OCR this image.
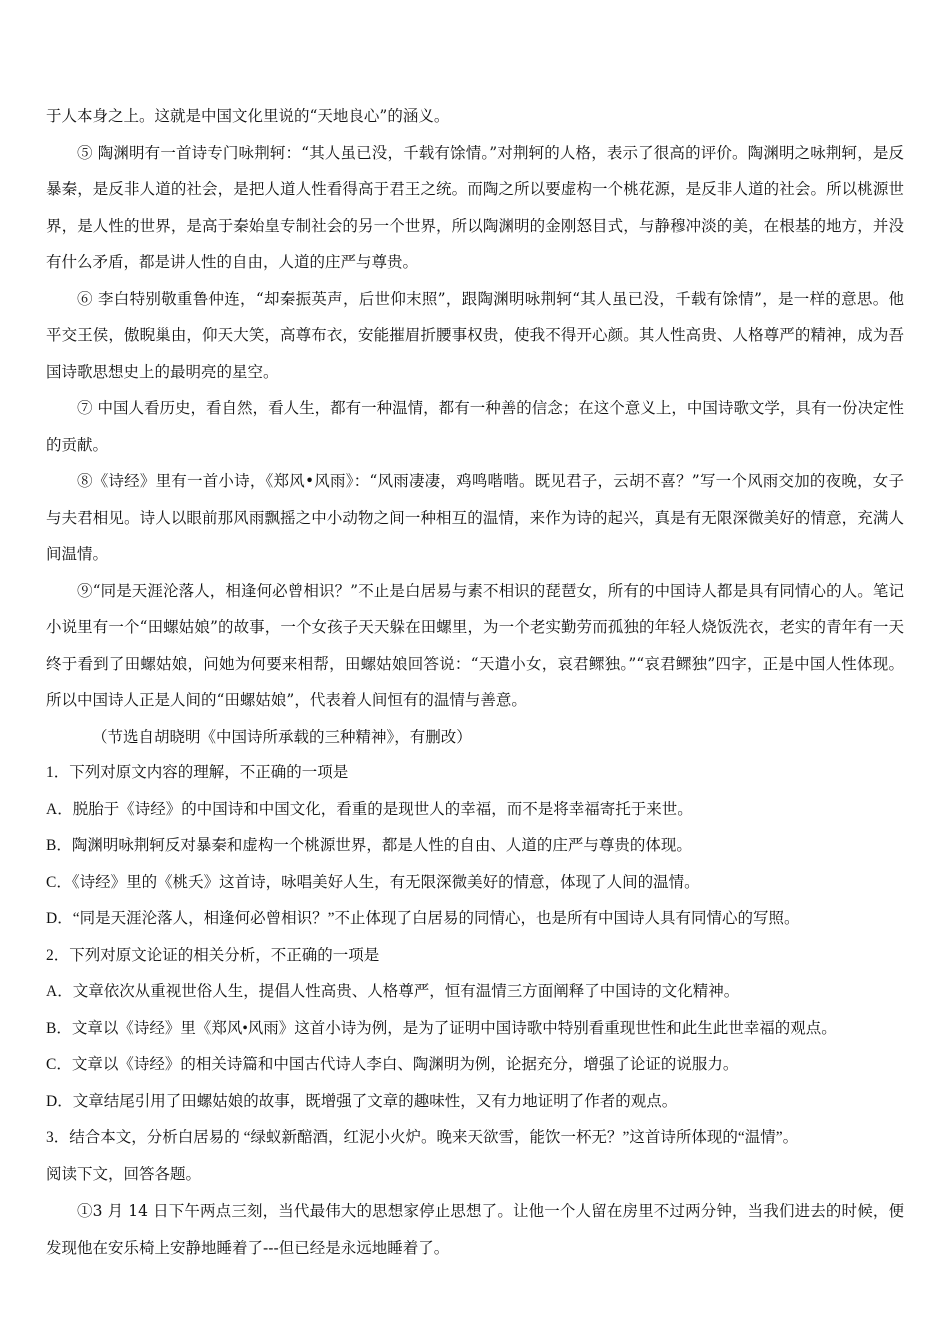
于人本身之上。这就是中国文化里说的“天地良心”的涵义。

⑤ 陶渊明有一首诗专门咏荆轲：“其人虽已没，千载有馀情。”对荆轲的人格，表示了很高的评价。陶渊明之咏荆轲，是反暴秦，是反非人道的社会，是把人道人性看得高于君王之统。而陶之所以要虚构一个桃花源，是反非人道的社会。所以桃源世界，是人性的世界，是高于秦始皇专制社会的另一个世界，所以陶渊明的金刚怒目式，与静穆冲淡的美，在根基的地方，并没有什么矛盾，都是讲人性的自由，人道的庄严与尊贵。

⑥ 李白特别敬重鲁仲连，“却秦振英声，后世仰末照”，跟陶渊明咏荆轲“其人虽已没，千载有馀情”，是一样的意思。他平交王侯，傲睨巢由，仰天大笑，高尊布衣，安能摧眉折腰事权贵，使我不得开心颜。其人性高贵、人格尊严的精神，成为吾国诗歌思想史上的最明亮的星空。

⑦ 中国人看历史，看自然，看人生，都有一种温情，都有一种善的信念；在这个意义上，中国诗歌文学，具有一份决定性的贡献。

⑧《诗经》里有一首小诗，《郑风•风雨》：“风雨凄凄，鸡鸣喈喈。既见君子，云胡不喜？”写一个风雨交加的夜晚，女子与夫君相见。诗人以眼前那风雨飘摇之中小动物之间一种相互的温情，来作为诗的起兴，真是有无限深微美好的情意，充满人间温情。

⑨“同是天涯沦落人，相逢何必曾相识？”不止是白居易与素不相识的琵琶女，所有的中国诗人都是具有同情心的人。笔记小说里有一个“田螺姑娘”的故事，一个女孩子天天躲在田螺里，为一个老实勤劳而孤独的年轻人烧饭洗衣，老实的青年有一天终于看到了田螺姑娘，问她为何要来相帮，田螺姑娘回答说：“天遣小女，哀君鳏独。”“哀君鳏独”四字，正是中国人性体现。所以中国诗人正是人间的“田螺姑娘”，代表着人间恒有的温情与善意。

（节选自胡晓明《中国诗所承载的三种精神》，有删改）

1．下列对原文内容的理解，不正确的一项是

A．脱胎于《诗经》的中国诗和中国文化，看重的是现世人的幸福，而不是将幸福寄托于来世。

B．陶渊明咏荆轲反对暴秦和虚构一个桃源世界，都是人性的自由、人道的庄严与尊贵的体现。

C．《诗经》里的《桃夭》这首诗，咏唱美好人生，有无限深微美好的情意，体现了人间的温情。

D．“同是天涯沦落人，相逢何必曾相识？”不止体现了白居易的同情心，也是所有中国诗人具有同情心的写照。

2．下列对原文论证的相关分析，不正确的一项是

A．文章依次从重视世俗人生，提倡人性高贵、人格尊严，恒有温情三方面阐释了中国诗的文化精神。

B．文章以《诗经》里《郑风•风雨》这首小诗为例，是为了证明中国诗歌中特别看重现世性和此生此世幸福的观点。

C．文章以《诗经》的相关诗篇和中国古代诗人李白、陶渊明为例，论据充分，增强了论证的说服力。

D．文章结尾引用了田螺姑娘的故事，既增强了文章的趣味性，又有力地证明了作者的观点。

3．结合本文，分析白居易的 “绿蚁新醅酒，红泥小火炉。晚来天欲雪，能饮一杯无？”这首诗所体现的“温情”。

阅读下文，回答各题。

①3 月 14 日下午两点三刻，当代最伟大的思想家停止思想了。让他一个人留在房里不过两分钟，当我们进去的时候，便发现他在安乐椅上安静地睡着了---但已经是永远地睡着了。
